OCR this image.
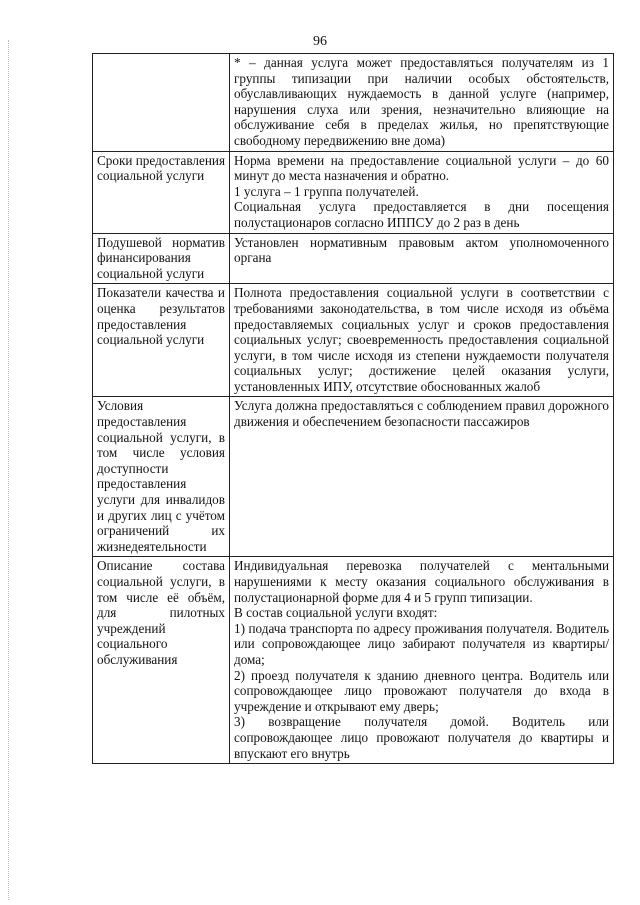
96

	* – данная услуга может предоставляться получателям из 1 группы типизации при наличии особых обстоятельств, обуславливающих нуждаемость в данной услуге (например, нарушения слуха или зрения, незначительно влияющие на обслуживание себя в пределах жилья, но препятствующие свободному передвижению вне дома)

Сроки предоставления социальной услуги	Норма времени на предоставление социальной услуги – до 60 минут до места назначения и обратно.
1 услуга – 1 группа получателей.
Социальная услуга предоставляется в дни посещения полустационаров согласно ИППСУ до 2 раз в день

Подушевой норматив финансирования социальной услуги	Установлен нормативным правовым актом уполномоченного органа

Показатели качества и оценка результатов предоставления социальной услуги	Полнота предоставления социальной услуги в соответствии с требованиями законодательства, в том числе исходя из объёма предоставляемых социальных услуг и сроков предоставления социальных услуг; своевременность предоставления социальной услуги, в том числе исходя из степени нуждаемости получателя социальных услуг; достижение целей оказания услуги, установленных ИПУ, отсутствие обоснованных жалоб

Условия предоставления социальной услуги, в том числе условия доступности предоставления услуги для инвалидов и других лиц с учётом ограничений их жизнедеятельности	Услуга должна предоставляться с соблюдением правил дорожного движения и обеспечением безопасности пассажиров

Описание состава социальной услуги, в том числе её объём, для пилотных учреждений социального обслуживания	Индивидуальная перевозка получателей с ментальными нарушениями к месту оказания социального обслуживания в полустационарной форме для 4 и 5 групп типизации.
В состав социальной услуги входят:
1) подача транспорта по адресу проживания получателя. Водитель или сопровождающее лицо забирают получателя из квартиры/дома;
2) проезд получателя к зданию дневного центра. Водитель или сопровождающее лицо провожают получателя до входа в учреждение и открывают ему дверь;
3) возвращение получателя домой. Водитель или сопровождающее лицо провожают получателя до квартиры и впускают его внутрь
